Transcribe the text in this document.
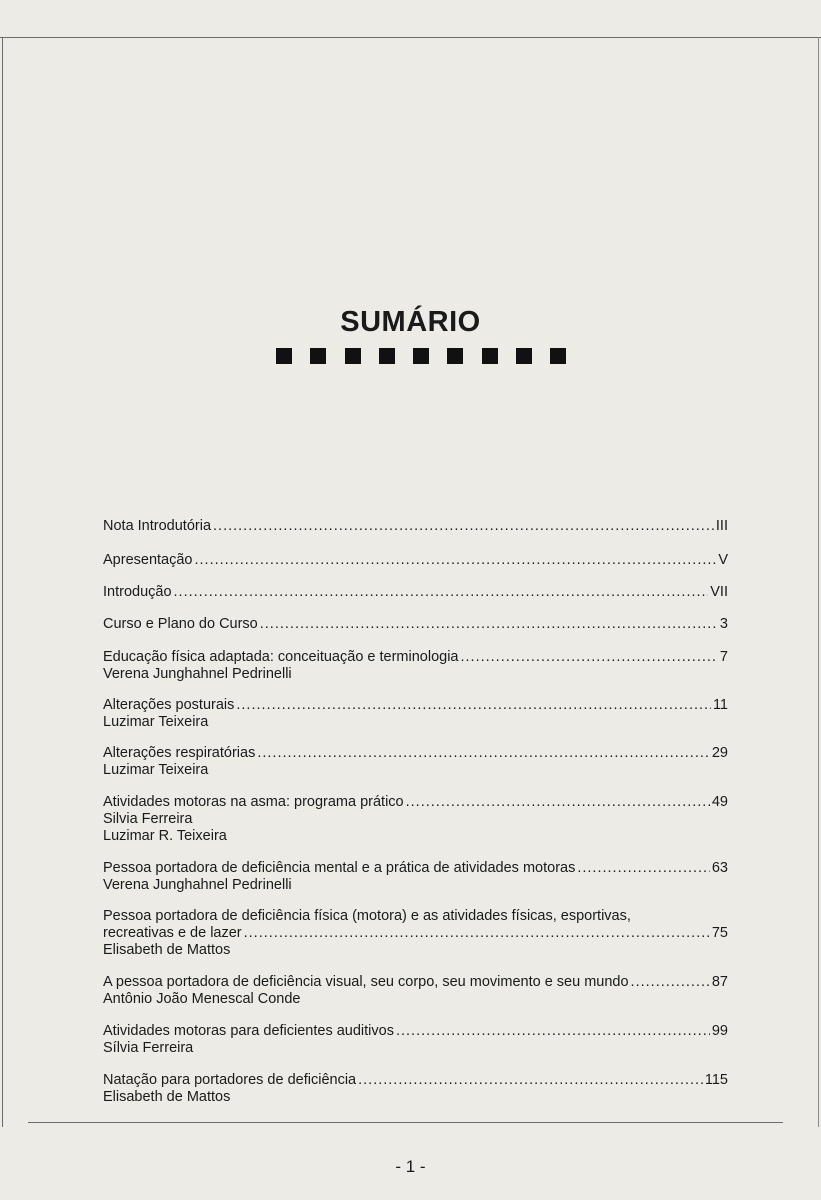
SUMÁRIO
Nota Introdutória .....	III
Apresentação .....	V
Introdução .....	VII
Curso e Plano do Curso .....	3
Educação física adaptada: conceituação e terminologia .....	7
Verena Junghahnel Pedrinelli
Alterações posturais .....	11
Luzimar Teixeira
Alterações respiratórias .....	29
Luzimar Teixeira
Atividades motoras na asma: programa prático .....	49
Silvia Ferreira
Luzimar R. Teixeira
Pessoa portadora de deficiência mental e a prática de atividades motoras .....	63
Verena Junghahnel Pedrinelli
Pessoa portadora de deficiência física (motora) e as atividades físicas, esportivas,
recreativas e de lazer .....	75
Elisabeth de Mattos
A pessoa portadora de deficiência visual, seu corpo, seu movimento e seu mundo .....	87
Antônio João Menescal Conde
Atividades motoras para deficientes auditivos .....	99
Sílvia Ferreira
Natação para portadores de deficiência .....	115
Elisabeth de Mattos
- 1 -
